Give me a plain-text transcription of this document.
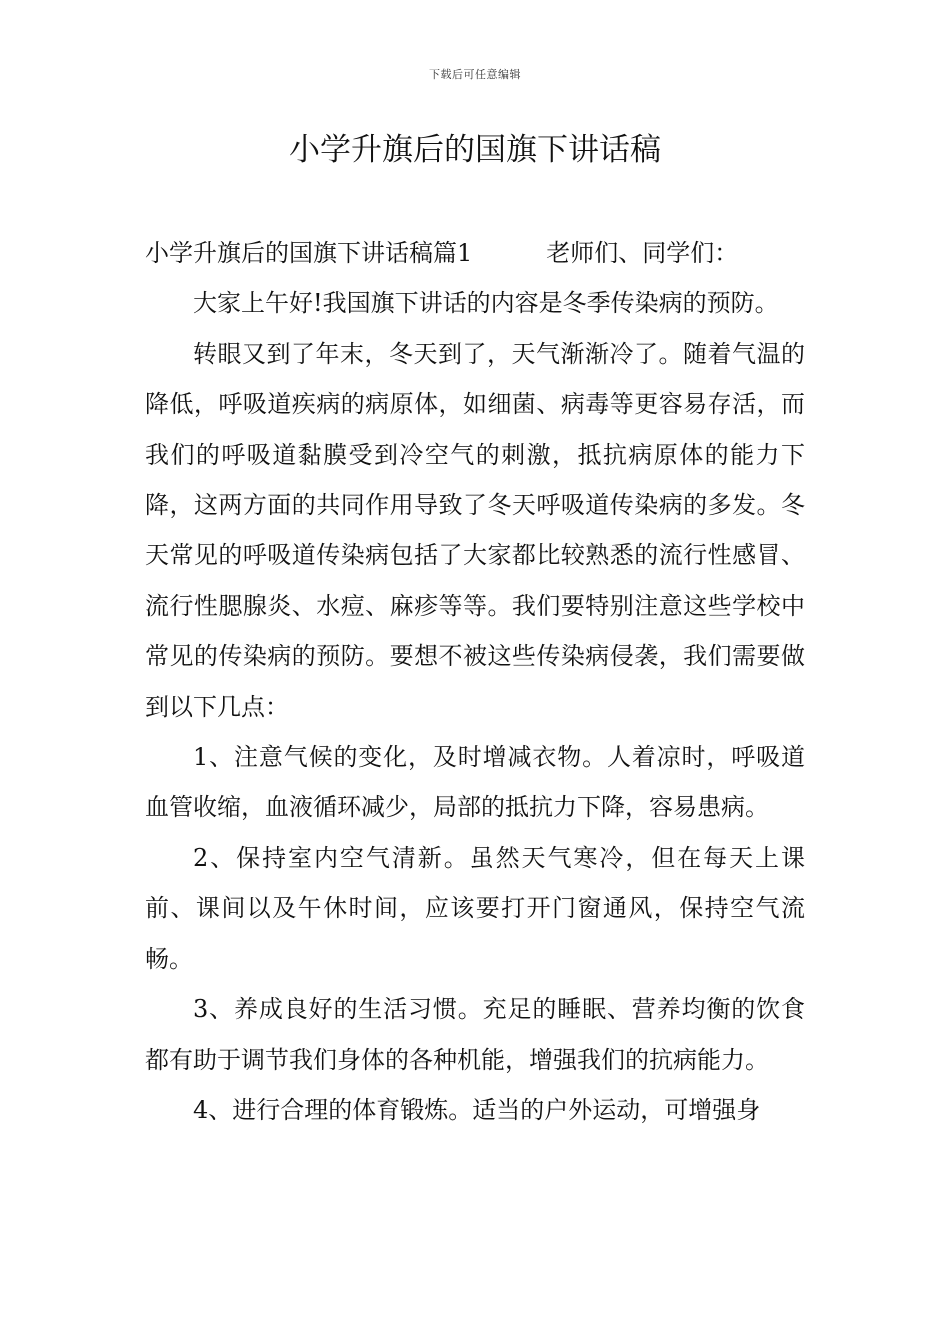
下载后可任意编辑
小学升旗后的国旗下讲话稿

小学升旗后的国旗下讲话稿篇1	老师们、同学们：

大家上午好!我国旗下讲话的内容是冬季传染病的预防。

转眼又到了年末，冬天到了，天气渐渐冷了。随着气温的降低，呼吸道疾病的病原体，如细菌、病毒等更容易存活，而我们的呼吸道黏膜受到冷空气的刺激，抵抗病原体的能力下降，这两方面的共同作用导致了冬天呼吸道传染病的多发。冬天常见的呼吸道传染病包括了大家都比较熟悉的流行性感冒、流行性腮腺炎、水痘、麻疹等等。我们要特别注意这些学校中常见的传染病的预防。要想不被这些传染病侵袭，我们需要做到以下几点：

1、注意气候的变化，及时增减衣物。人着凉时，呼吸道血管收缩，血液循环减少，局部的抵抗力下降，容易患病。

2、保持室内空气清新。虽然天气寒冷，但在每天上课前、课间以及午休时间，应该要打开门窗通风，保持空气流畅。

3、养成良好的生活习惯。充足的睡眠、营养均衡的饮食都有助于调节我们身体的各种机能，增强我们的抗病能力。

4、进行合理的体育锻炼。适当的户外运动，可增强身
